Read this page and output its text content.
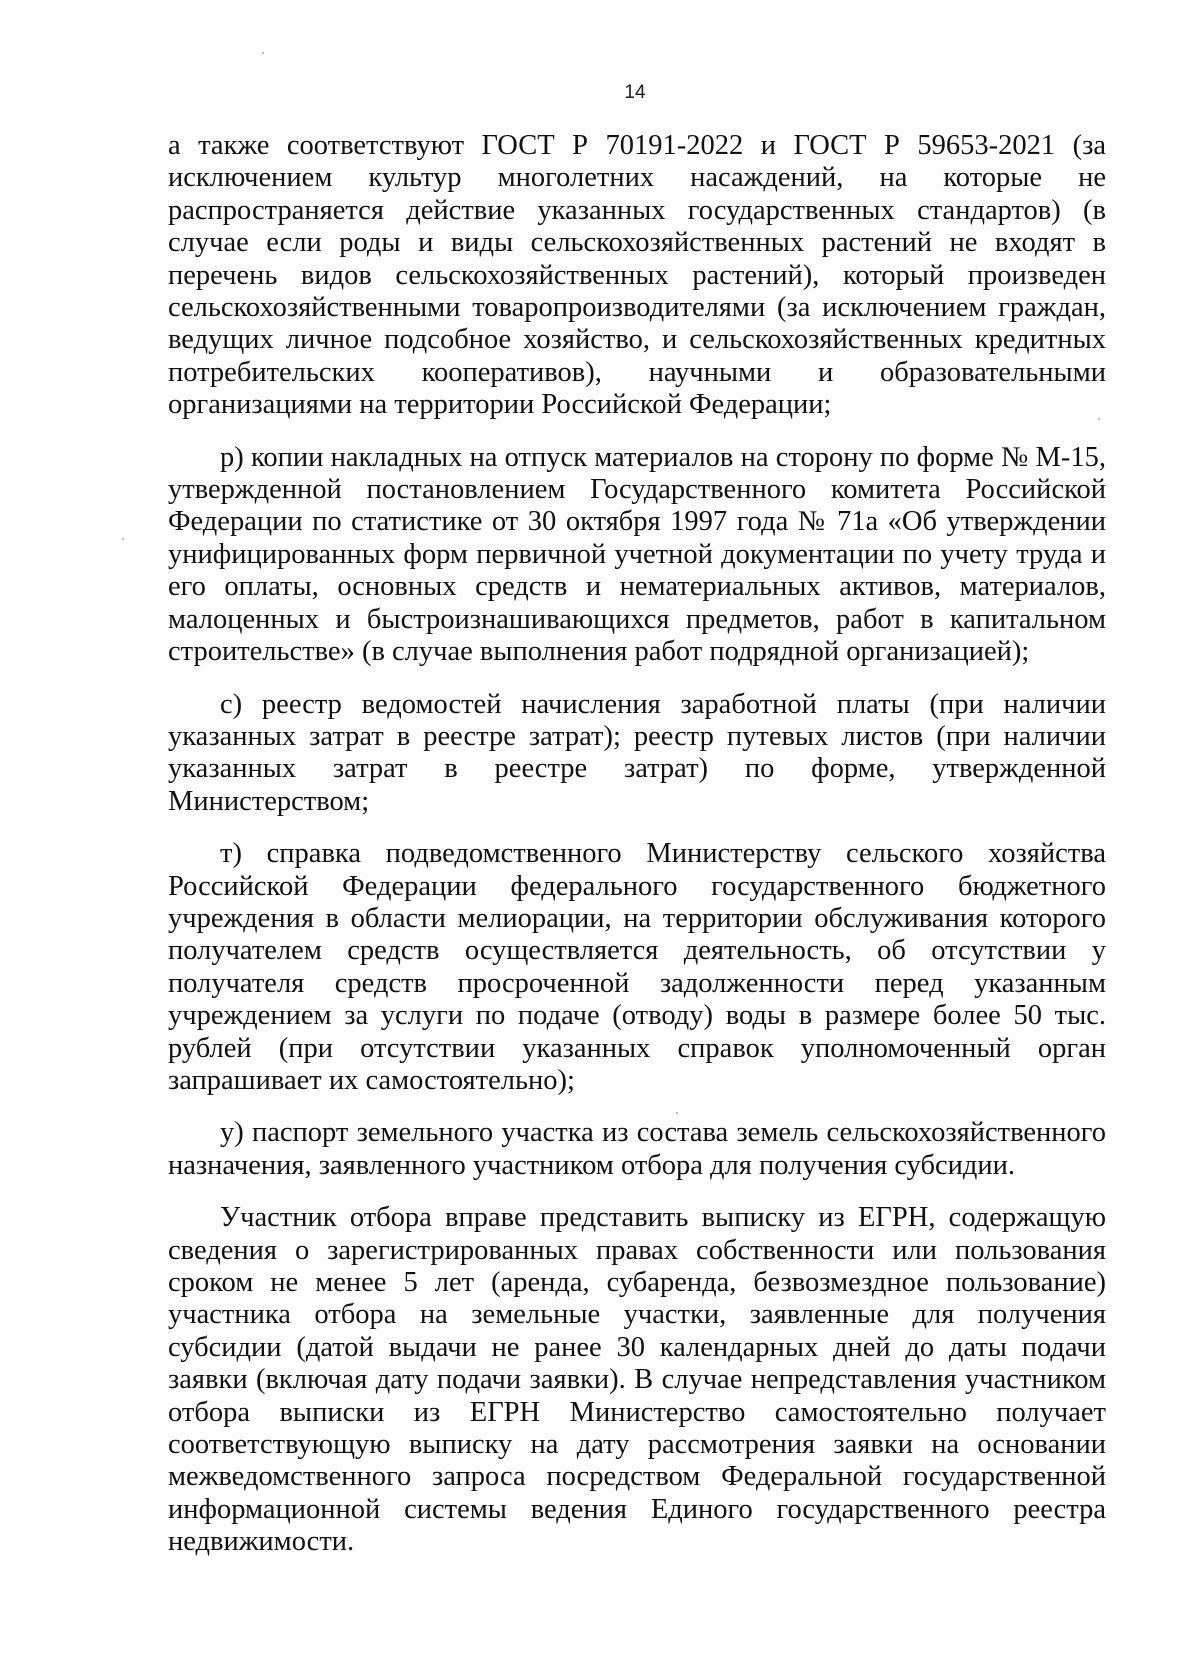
14

а также соответствуют ГОСТ Р 70191-2022 и ГОСТ Р 59653-2021 (за исключением культур многолетних насаждений, на которые не распространяется действие указанных государственных стандартов) (в случае если роды и виды сельскохозяйственных растений не входят в перечень видов сельскохозяйственных растений), который произведен сельскохозяйственными товаропроизводителями (за исключением граждан, ведущих личное подсобное хозяйство, и сельскохозяйственных кредитных потребительских кооперативов), научными и образовательными организациями на территории Российской Федерации;

р) копии накладных на отпуск материалов на сторону по форме № М-15, утвержденной постановлением Государственного комитета Российской Федерации по статистике от 30 октября 1997 года № 71а «Об утверждении унифицированных форм первичной учетной документации по учету труда и его оплаты, основных средств и нематериальных активов, материалов, малоценных и быстроизнашивающихся предметов, работ в капитальном строительстве» (в случае выполнения работ подрядной организацией);

с) реестр ведомостей начисления заработной платы (при наличии указанных затрат в реестре затрат); реестр путевых листов (при наличии указанных затрат в реестре затрат) по форме, утвержденной Министерством;

т) справка подведомственного Министерству сельского хозяйства Российской Федерации федерального государственного бюджетного учреждения в области мелиорации, на территории обслуживания которого получателем средств осуществляется деятельность, об отсутствии у получателя средств просроченной задолженности перед указанным учреждением за услуги по подаче (отводу) воды в размере более 50 тыс. рублей (при отсутствии указанных справок уполномоченный орган запрашивает их самостоятельно);

у) паспорт земельного участка из состава земель сельскохозяйственного назначения, заявленного участником отбора для получения субсидии.

Участник отбора вправе представить выписку из ЕГРН, содержащую сведения о зарегистрированных правах собственности или пользования сроком не менее 5 лет (аренда, субаренда, безвозмездное пользование) участника отбора на земельные участки, заявленные для получения субсидии (датой выдачи не ранее 30 календарных дней до даты подачи заявки (включая дату подачи заявки). В случае непредставления участником отбора выписки из ЕГРН Министерство самостоятельно получает соответствующую выписку на дату рассмотрения заявки на основании межведомственного запроса посредством Федеральной государственной информационной системы ведения Единого государственного реестра недвижимости.
